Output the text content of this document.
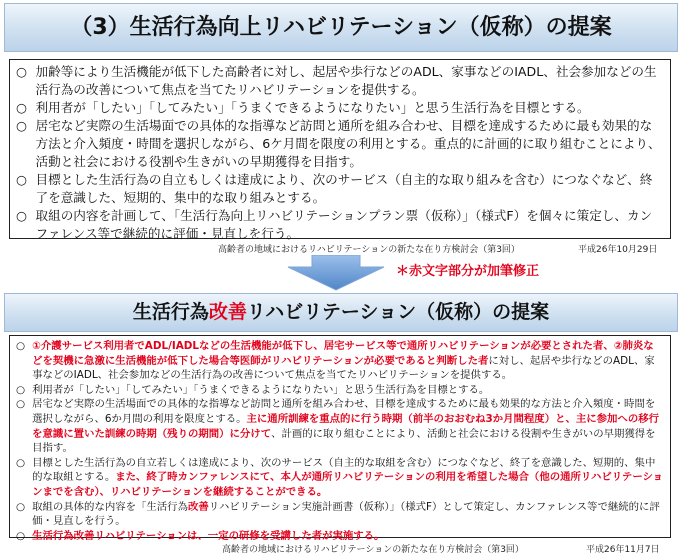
（3）生活行為向上リハビリテーション（仮称）の提案
○ 加齢等により生活機能が低下した高齢者に対し、起居や歩行などのADL、家事などのIADL、社会参加などの生活行為の改善について焦点を当てたリハビリテーションを提供する。
○ 利用者が「したい」「してみたい」「うまくできるようになりたい」と思う生活行為を目標とする。
○ 居宅など実際の生活場面での具体的な指導など訪問と通所を組み合わせ、目標を達成するために最も効果的な方法と介入頻度・時間を選択しながら、6ケ月間を限度の利用とする。重点的に計画的に取り組むことにより、活動と社会における役割や生きがいの早期獲得を目指す。
○ 目標とした生活行為の自立もしくは達成により、次のサービス（自主的な取り組みを含む）につなぐなど、終了を意識した、短期的、集中的な取り組みとする。
○ 取組の内容を計画して、「生活行為向上リハビリテーションプラン票（仮称）」（様式F）を個々に策定し、カンファレンス等で継続的に評価・見直しを行う。
高齢者の地域におけるリハビリテーションの新たな在り方検討会（第3回）	平成26年10月29日
＊赤文字部分が加筆修正
生活行為改善リハビリテーション（仮称）の提案
○ ①介護サービス利用者でADL/IADLなどの生活機能が低下し、居宅サービス等で通所リハビリテーションが必要とされた者、②肺炎などを契機に急激に生活機能が低下した場合等医師がリハビリテーションが必要であると判断した者に対し、起居や歩行などのADL、家事などのIADL、社会参加などの生活行為の改善について焦点を当てたリハビリテーションを提供する。
○ 利用者が「したい」「してみたい」「うまくできるようになりたい」と思う生活行為を目標とする。
○ 居宅など実際の生活場面での具体的な指導など訪問と通所を組み合わせ、目標を達成するために最も効果的な方法と介入頻度・時間を選択しながら、6か月間の利用を限度とする。主に通所訓練を重点的に行う時期（前半のおおむね3か月間程度）と、主に参加への移行を意識に置いた訓練の時期（残りの期間）に分けて、計画的に取り組むことにより、活動と社会における役割や生きがいの早期獲得を目指す。
○ 目標とした生活行為の自立若しくは達成により、次のサービス（自主的な取組を含む）につなぐなど、終了を意識した、短期的、集中的な取組とする。また、終了時カンファレンスにて、本人が通所リハビリテーションの利用を希望した場合（他の通所リハビリテーションまでを含む）、リハビリテーションを継続することができる。
○ 取組の具体的な内容を「生活行為改善リハビリテーション実施計画書（仮称）」（様式F）として策定し、カンファレンス等で継続的に評価・見直しを行う。
○ 生活行為改善リハビリテーションは、一定の研修を受講した者が実施する。
高齢者の地域におけるリハビリテーションの新たな在り方検討会（第3回）	平成26年11月7日
